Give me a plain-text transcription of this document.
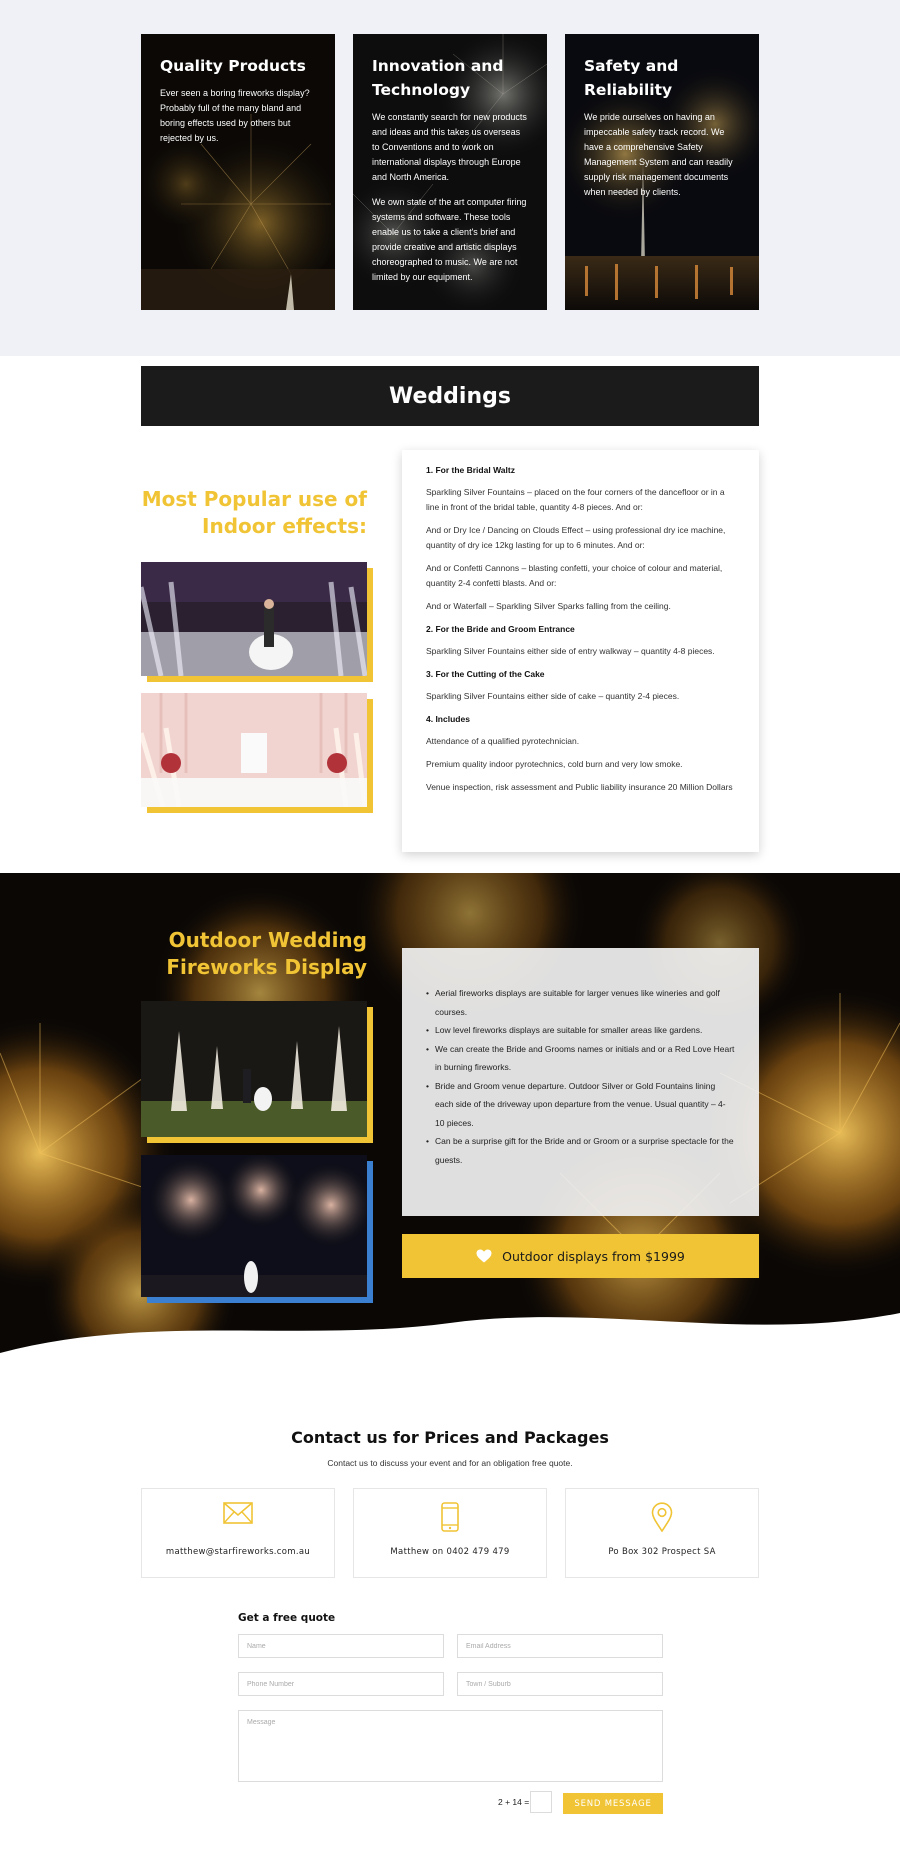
Quality Products

Ever seen a boring fireworks display? Probably full of the many bland and boring effects used by others but rejected by us.

Innovation and Technology

We constantly search for new products and ideas and this takes us overseas to Conventions and to work on international displays through Europe and North America.

We own state of the art computer firing systems and software. These tools enable us to take a client's brief and provide creative and artistic displays choreographed to music. We are not limited by our equipment.

Safety and Reliability

We pride ourselves on having an impeccable safety track record. We have a comprehensive Safety Management System and can readily supply risk management documents when needed by clients.

Weddings
Most Popular use of Indoor effects:
1. For the Bridal Waltz
Sparkling Silver Fountains – placed on the four corners of the dancefloor or in a line in front of the bridal table, quantity 4-8 pieces. And or:
And or Dry Ice / Dancing on Clouds Effect – using professional dry ice machine, quantity of dry ice 12kg lasting for up to 6 minutes. And or:
And or Confetti Cannons – blasting confetti, your choice of colour and material, quantity 2-4 confetti blasts. And or:
And or Waterfall – Sparkling Silver Sparks falling from the ceiling.
2. For the Bride and Groom Entrance
Sparkling Silver Fountains either side of entry walkway – quantity 4-8 pieces.
3. For the Cutting of the Cake
Sparkling Silver Fountains either side of cake – quantity 2-4 pieces.
4. Includes
Attendance of a qualified pyrotechnician.
Premium quality indoor pyrotechnics, cold burn and very low smoke.
Venue inspection, risk assessment and Public liability insurance 20 Million Dollars
Outdoor Wedding Fireworks Display
• Aerial fireworks displays are suitable for larger venues like wineries and golf courses.
• Low level fireworks displays are suitable for smaller areas like gardens.
• We can create the Bride and Grooms names or initials and or a Red Love Heart in burning fireworks.
• Bride and Groom venue departure. Outdoor Silver or Gold Fountains lining each side of the driveway upon departure from the venue. Usual quantity – 4-10 pieces.
• Can be a surprise gift for the Bride and or Groom or a surprise spectacle for the guests.
Outdoor displays from $1999
Contact us for Prices and Packages

Contact us to discuss your event and for an obligation free quote.

matthew@starfireworks.com.au	Matthew on 0402 479 479	Po Box 302 Prospect SA
Get a free quote
Name
Email Address
Phone Number
Town / Suburb
Message
2 + 14 =	SEND MESSAGE
